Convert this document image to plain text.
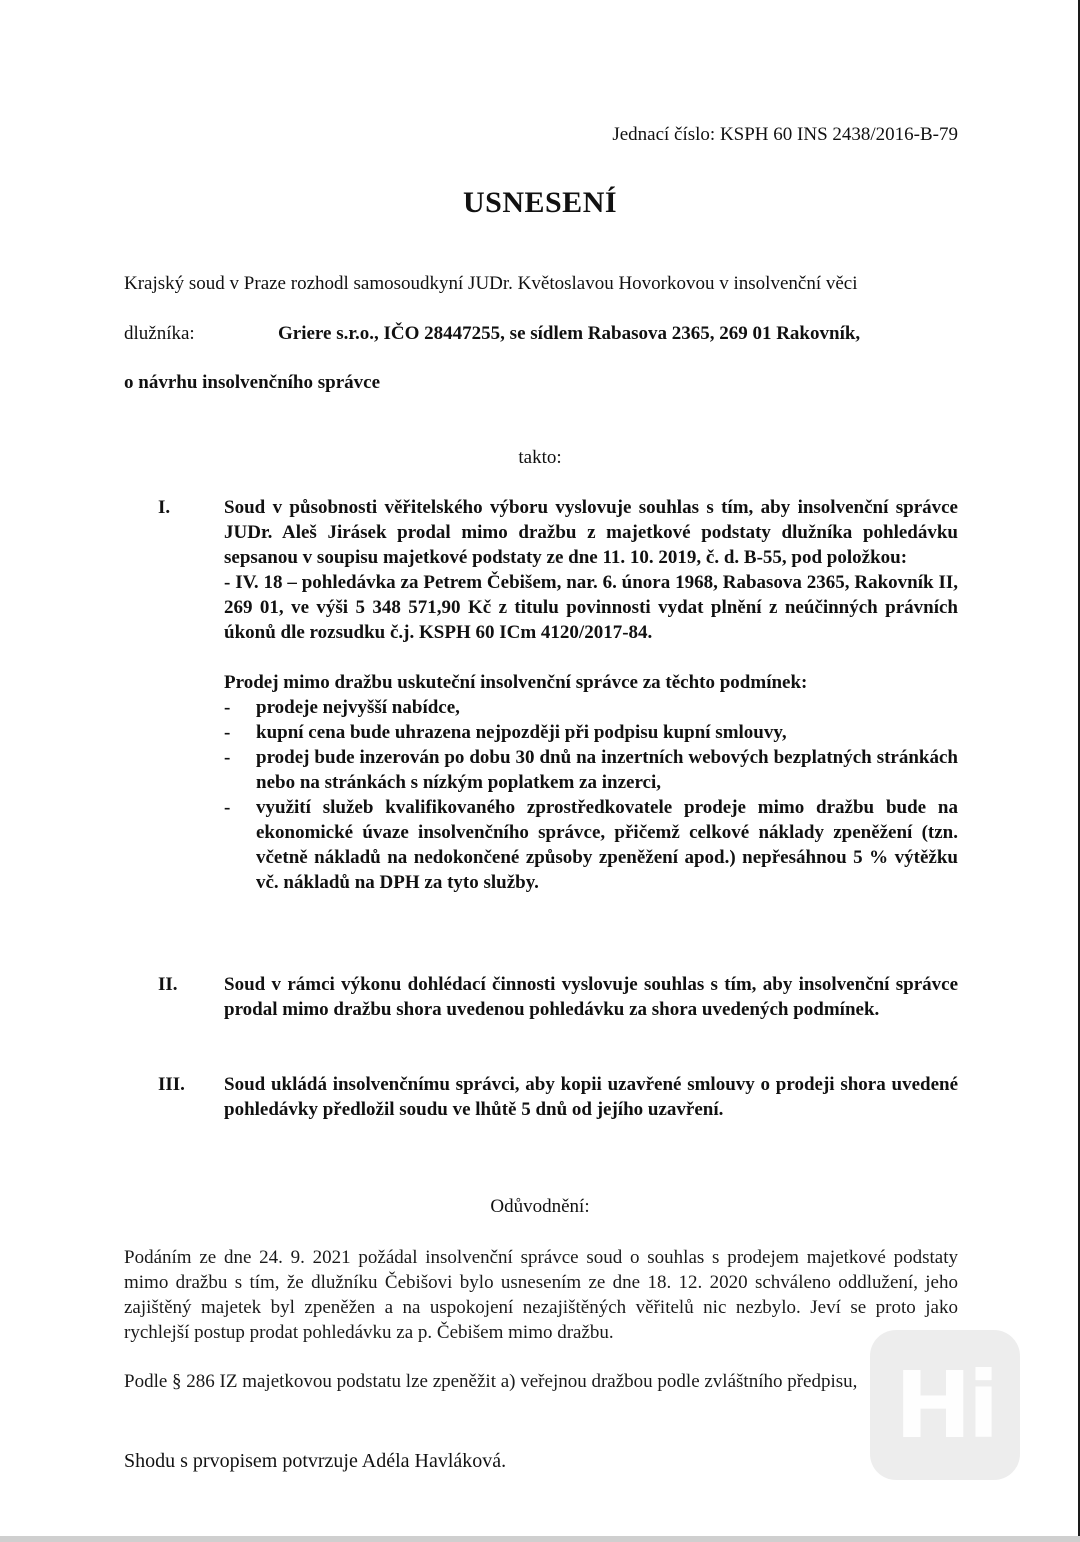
Jednací číslo: KSPH 60 INS 2438/2016-B-79
USNESENÍ
Krajský soud v Praze rozhodl samosoudkyní JUDr. Květoslavou Hovorkovou v insolvenční věci
dlužníka:	Griere s.r.o., IČO 28447255, se sídlem Rabasova 2365, 269 01 Rakovník,
o návrhu insolvenčního správce
takto:
I.	Soud v působnosti věřitelského výboru vyslovuje souhlas s tím, aby insolvenční správce JUDr. Aleš Jirásek prodal mimo dražbu z majetkové podstaty dlužníka pohledávku sepsanou v soupisu majetkové podstaty ze dne 11. 10. 2019, č. d. B-55, pod položkou:
- IV. 18 – pohledávka za Petrem Čebišem, nar. 6. února 1968, Rabasova 2365, Rakovník II, 269 01, ve výši 5 348 571,90 Kč z titulu povinnosti vydat plnění z neúčinných právních úkonů dle rozsudku č.j. KSPH 60 ICm 4120/2017-84.
Prodej mimo dražbu uskuteční insolvenční správce za těchto podmínek:
- prodeje nejvyšší nabídce,
- kupní cena bude uhrazena nejpozději při podpisu kupní smlouvy,
- prodej bude inzerován po dobu 30 dnů na inzertních webových bezplatných stránkách nebo na stránkách s nízkým poplatkem za inzerci,
- využití služeb kvalifikovaného zprostředkovatele prodeje mimo dražbu bude na ekonomické úvaze insolvenčního správce, přičemž celkové náklady zpeněžení (tzn. včetně nákladů na nedokončené způsoby zpeněžení apod.) nepřesáhnou 5 % výtěžku vč. nákladů na DPH za tyto služby.
II. Soud v rámci výkonu dohlédací činnosti vyslovuje souhlas s tím, aby insolvenční správce prodal mimo dražbu shora uvedenou pohledávku za shora uvedených podmínek.
III. Soud ukládá insolvenčnímu správci, aby kopii uzavřené smlouvy o prodeji shora uvedené pohledávky předložil soudu ve lhůtě 5 dnů od jejího uzavření.
Odůvodnění:
Podáním ze dne 24. 9. 2021 požádal insolvenční správce soud o souhlas s prodejem majetkové podstaty mimo dražbu s tím, že dlužníku Čebišovi bylo usnesením ze dne 18. 12. 2020 schváleno oddlužení, jeho zajištěný majetek byl zpeněžen a na uspokojení nezajištěných věřitelů nic nezbylo. Jeví se proto jako rychlejší postup prodat pohledávku za p. Čebišem mimo dražbu.
Podle § 286 IZ majetkovou podstatu lze zpeněžit a) veřejnou dražbou podle zvláštního předpisu,
Shodu s prvopisem potvrzuje Adéla Havláková.
Hi
